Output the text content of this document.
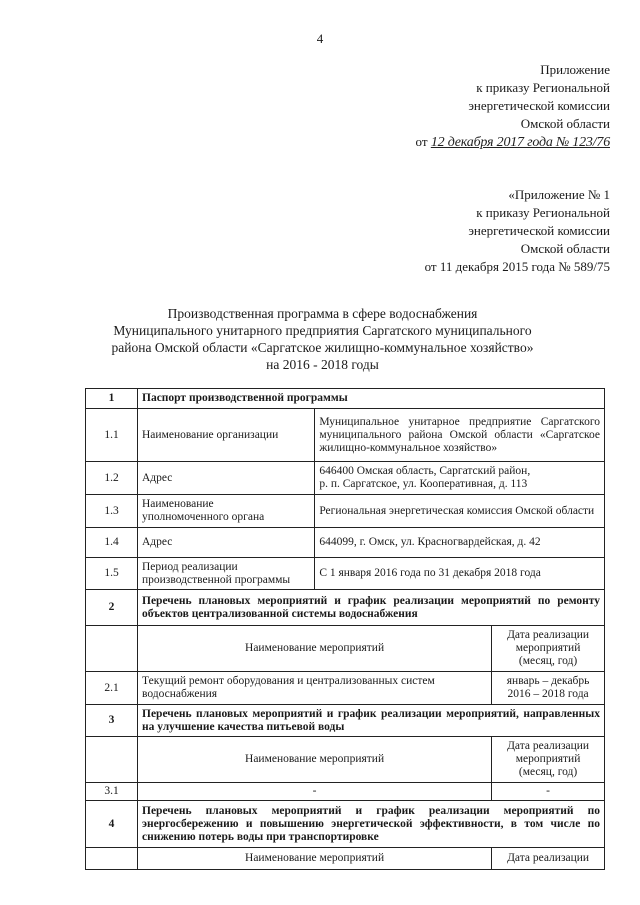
4
Приложение
к приказу Региональной
энергетической комиссии
Омской области
от 12 декабря 2017 года № 123/76
«Приложение № 1
к приказу Региональной
энергетической комиссии
Омской области
от 11 декабря 2015 года № 589/75
Производственная программа в сфере водоснабжения
Муниципального унитарного предприятия Саргатского муниципального
района Омской области «Саргатское жилищно-коммунальное хозяйство»
на 2016 - 2018 годы
1	Паспорт производственной программы		
1.1	Наименование организации	Муниципальное унитарное предприятие Саргатского муниципального района Омской области «Саргатское жилищно-коммунальное хозяйство»	
1.2	Адрес	646400 Омская область, Саргатский район,
р. п. Саргатское, ул. Кооперативная, д. 113	

1.3	Наименование
уполномоченного органа	Региональная энергетическая комиссия Омской области	
1.4	Адрес	644099, г. Омск, ул. Красногвардейская, д. 42	
1.5	Период реализации
производственной программы	С 1 января 2016 года по 31 декабря 2018 года	
2	Перечень плановых мероприятий и график реализации мероприятий по ремонту объектов централизованной системы водоснабжения		
	Наименование мероприятий		Дата реализации
мероприятий
(месяц, год)

2.1	Текущий ремонт оборудования и централизованных систем водоснабжения		январь – декабрь
2016 – 2018 года

3	Перечень плановых мероприятий и график реализации мероприятий, направленных на улучшение качества питьевой воды		
	Наименование мероприятий		Дата реализации
мероприятий
(месяц, год)

3.1	-		-
4	Перечень плановых мероприятий и график реализации мероприятий по энергосбережению и повышению энергетической эффективности, в том числе по снижению потерь воды при транспортировке		
	Наименование мероприятий		Дата реализации
